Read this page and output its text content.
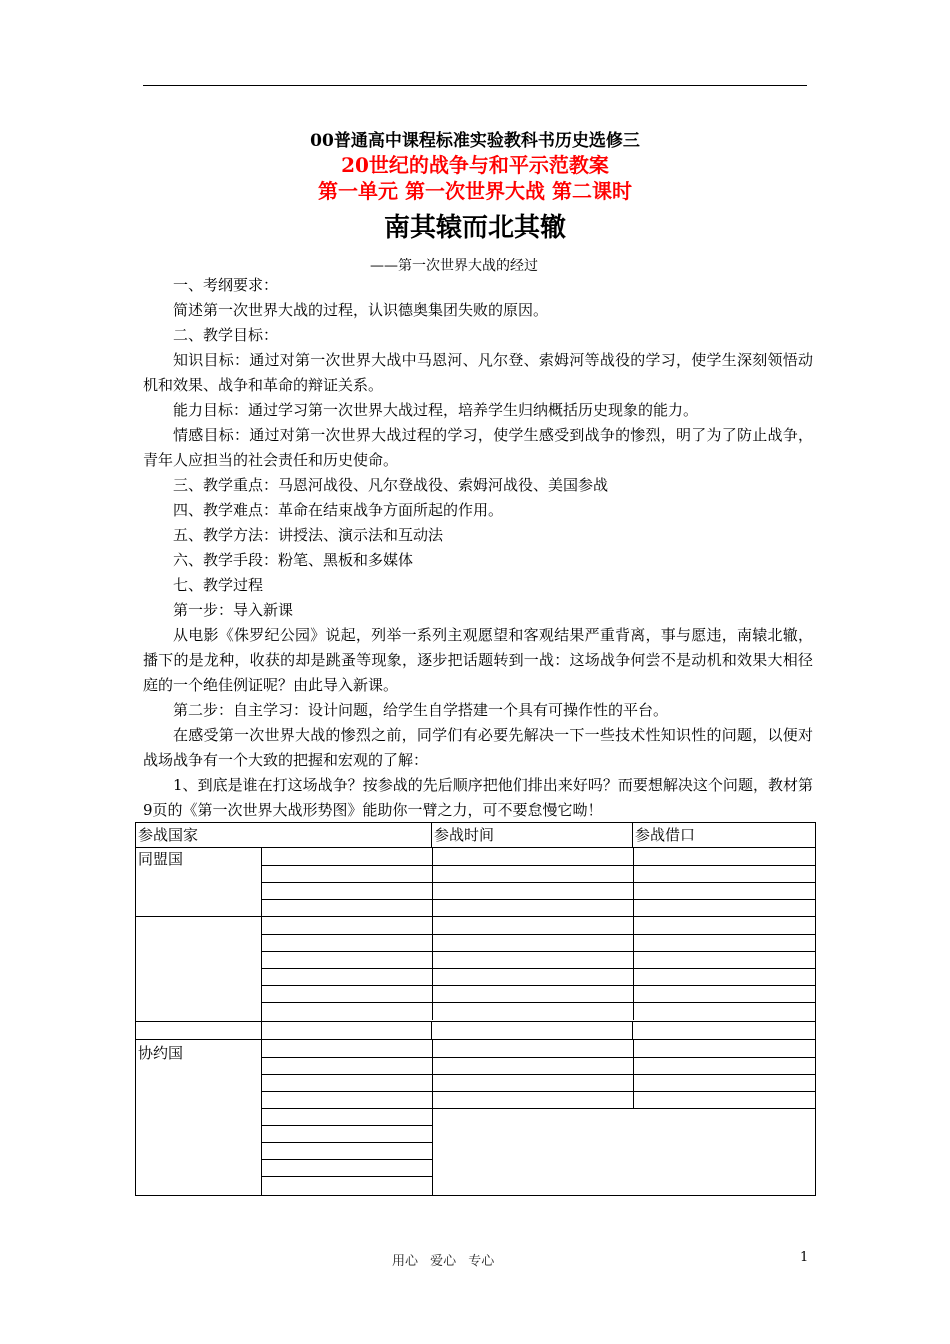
00普通高中课程标准实验教科书历史选修三
20世纪的战争与和平示范教案
第一单元 第一次世界大战 第二课时
南其辕而北其辙
——第一次世界大战的经过

一、考纲要求：

简述第一次世界大战的过程，认识德奥集团失败的原因。

二、教学目标：

知识目标：通过对第一次世界大战中马恩河、凡尔登、索姆河等战役的学习，使学生深刻领悟动机和效果、战争和革命的辩证关系。

能力目标：通过学习第一次世界大战过程，培养学生归纳概括历史现象的能力。

情感目标：通过对第一次世界大战过程的学习，使学生感受到战争的惨烈，明了为了防止战争，青年人应担当的社会责任和历史使命。

三、教学重点：马恩河战役、凡尔登战役、索姆河战役、美国参战

四、教学难点：革命在结束战争方面所起的作用。

五、教学方法：讲授法、演示法和互动法

六、教学手段：粉笔、黑板和多媒体

七、教学过程

第一步：导入新课

从电影《侏罗纪公园》说起，列举一系列主观愿望和客观结果严重背离，事与愿违，南辕北辙，播下的是龙种，收获的却是跳蚤等现象，逐步把话题转到一战：这场战争何尝不是动机和效果大相径庭的一个绝佳例证呢？由此导入新课。

第二步：自主学习：设计问题，给学生自学搭建一个具有可操作性的平台。

在感受第一次世界大战的惨烈之前，同学们有必要先解决一下一些技术性知识性的问题，以便对战场战争有一个大致的把握和宏观的了解：

1、到底是谁在打这场战争？按参战的先后顺序把他们排出来好吗？而要想解决这个问题，教材第9页的《第一次世界大战形势图》能助你一臂之力，可不要怠慢它呦！

参战国家	参战时间	参战借口
同盟国	

协约国	

用心 爱心 专心	1
